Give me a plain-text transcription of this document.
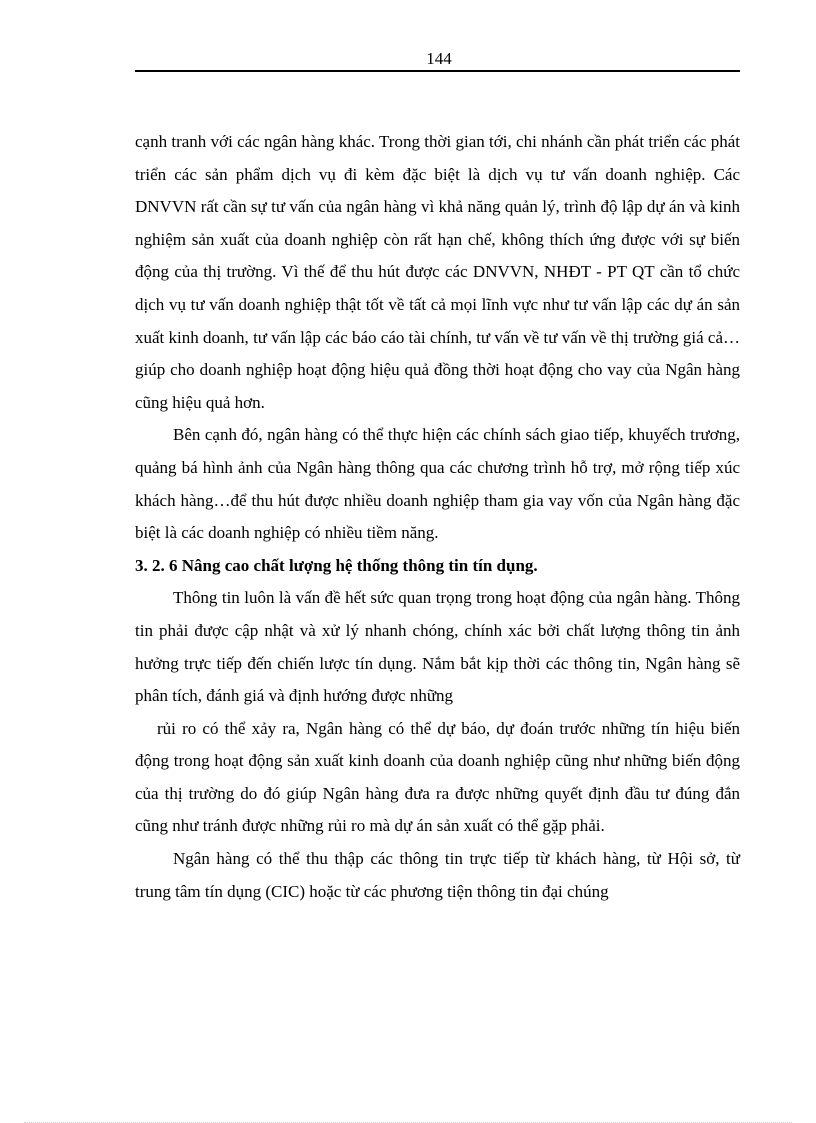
144

cạnh tranh với các ngân hàng khác. Trong thời gian tới, chi nhánh cần phát triển các phát triển các sản phẩm dịch vụ đi kèm đặc biệt là dịch vụ tư vấn doanh nghiệp. Các DNVVN rất cần sự tư vấn của ngân hàng vì khả năng quản lý, trình độ lập dự án và kinh nghiệm sản xuất của doanh nghiệp còn rất hạn chế, không thích ứng được với sự biến động của thị trường. Vì thế để thu hút được các DNVVN, NHĐT - PT QT cần tổ chức dịch vụ tư vấn doanh nghiệp thật tốt về tất cả mọi lĩnh vực như tư vấn lập các dự án sản xuất kinh doanh, tư vấn lập các báo cáo tài chính, tư vấn về tư vấn về thị trường giá cả…giúp cho doanh nghiệp hoạt động hiệu quả đồng thời hoạt động cho vay của Ngân hàng cũng hiệu quả hơn.

Bên cạnh đó, ngân hàng có thể thực hiện các chính sách giao tiếp, khuyếch trương, quảng bá hình ảnh của Ngân hàng thông qua các chương trình hỗ trợ, mở rộng tiếp xúc khách hàng…để thu hút được nhiều doanh nghiệp tham gia vay vốn của Ngân hàng đặc biệt là các doanh nghiệp có nhiều tiềm năng.

3. 2. 6 Nâng cao chất lượng hệ thống thông tin tín dụng.

Thông tin luôn là vấn đề hết sức quan trọng trong hoạt động của ngân hàng. Thông tin phải được cập nhật và xử lý nhanh chóng, chính xác bởi chất lượng thông tin ảnh hưởng trực tiếp đến chiến lược tín dụng. Nắm bắt kịp thời các thông tin, Ngân hàng sẽ phân tích, đánh giá và định hướng được những

rủi ro có thể xảy ra, Ngân hàng có thể dự báo, dự đoán trước những tín hiệu biến động trong hoạt động sản xuất kinh doanh của doanh nghiệp cũng như những biến động của thị trường do đó giúp Ngân hàng đưa ra được những quyết định đầu tư đúng đắn cũng như tránh được những rủi ro mà dự án sản xuất có thể gặp phải.

Ngân hàng có thể thu thập các thông tin trực tiếp từ khách hàng, từ Hội sở, từ trung tâm tín dụng (CIC) hoặc từ các phương tiện thông tin đại chúng
